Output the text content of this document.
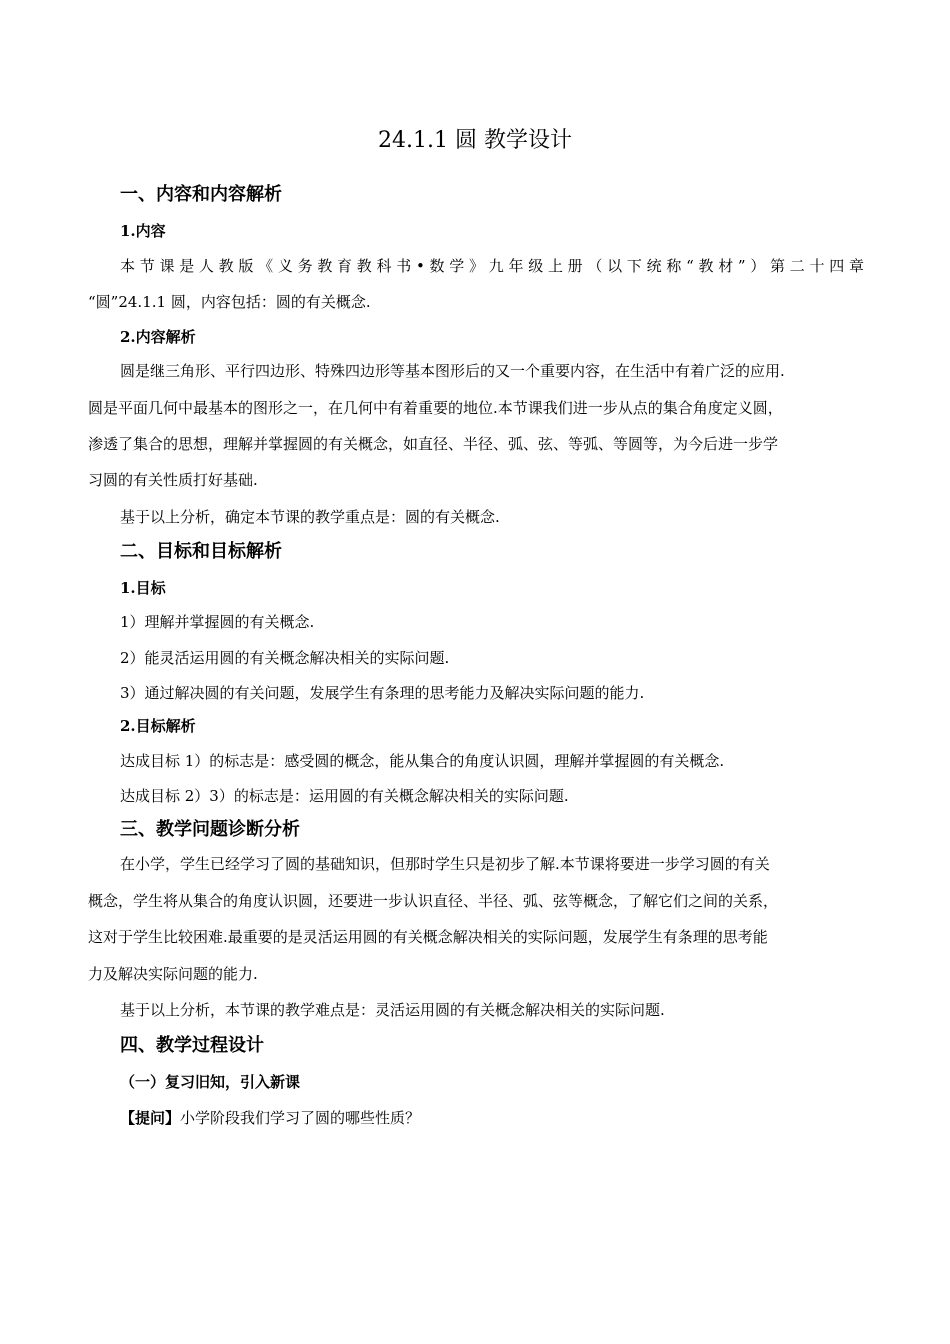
24.1.1 圆 教学设计
一、内容和内容解析
1.内容
本节课是人教版《义务教育教科书•数学》九年级上册（以下统称“教材”）第二十四章
“圆”24.1.1 圆，内容包括：圆的有关概念.
2.内容解析
圆是继三角形、平行四边形、特殊四边形等基本图形后的又一个重要内容，在生活中有着广泛的应用.
圆是平面几何中最基本的图形之一，在几何中有着重要的地位.本节课我们进一步从点的集合角度定义圆，
渗透了集合的思想，理解并掌握圆的有关概念，如直径、半径、弧、弦、等弧、等圆等，为今后进一步学
习圆的有关性质打好基础.
基于以上分析，确定本节课的教学重点是：圆的有关概念.
二、目标和目标解析
1.目标
1）理解并掌握圆的有关概念.
2）能灵活运用圆的有关概念解决相关的实际问题.
3）通过解决圆的有关问题，发展学生有条理的思考能力及解决实际问题的能力.
2.目标解析
达成目标 1）的标志是：感受圆的概念，能从集合的角度认识圆，理解并掌握圆的有关概念.
达成目标 2）3）的标志是：运用圆的有关概念解决相关的实际问题.
三、教学问题诊断分析
在小学，学生已经学习了圆的基础知识，但那时学生只是初步了解.本节课将要进一步学习圆的有关
概念，学生将从集合的角度认识圆，还要进一步认识直径、半径、弧、弦等概念，了解它们之间的关系，
这对于学生比较困难.最重要的是灵活运用圆的有关概念解决相关的实际问题，发展学生有条理的思考能
力及解决实际问题的能力.
基于以上分析，本节课的教学难点是：灵活运用圆的有关概念解决相关的实际问题.
四、教学过程设计
（一）复习旧知，引入新课
【提问】小学阶段我们学习了圆的哪些性质？
